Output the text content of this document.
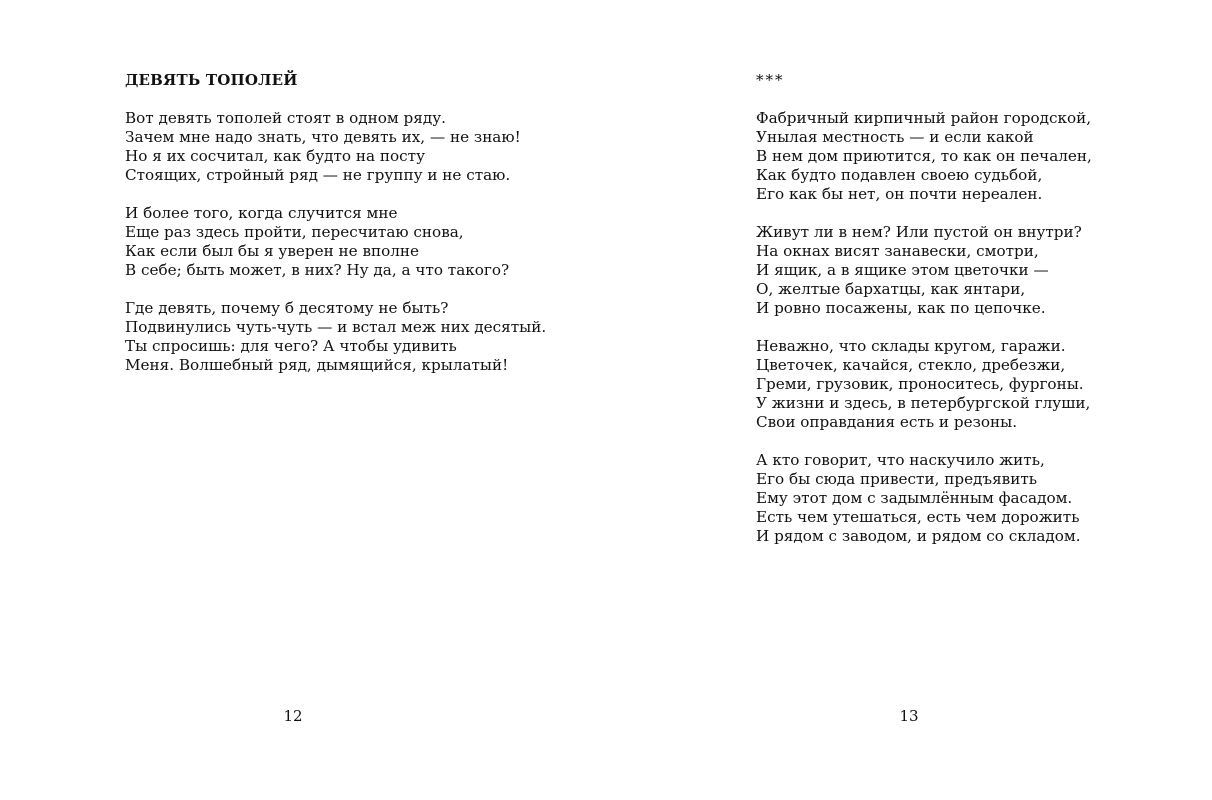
ДЕВЯТЬ ТОПОЛЕЙ

Вот девять тополей стоят в одном ряду.
Зачем мне надо знать, что девять их, — не знаю!
Но я их сосчитал, как будто на посту
Стоящих, стройный ряд — не группу и не стаю.

И более того, когда случится мне
Еще раз здесь пройти, пересчитаю снова,
Как если был бы я уверен не вполне
В себе; быть может, в них? Ну да, а что такого?

Где девять, почему б десятому не быть?
Подвинулись чуть-чуть — и встал меж них десятый.
Ты спросишь: для чего? А чтобы удивить
Меня. Волшебный ряд, дымящийся, крылатый!

12
***

Фабричный кирпичный район городской,
Унылая местность — и если какой
В нем дом приютится, то как он печален,
Как будто подавлен своею судьбой,
Его как бы нет, он почти нереален.

Живут ли в нем? Или пустой он внутри?
На окнах висят занавески, смотри,
И ящик, а в ящике этом цветочки —
О, желтые бархатцы, как янтари,
И ровно посажены, как по цепочке.

Неважно, что склады кругом, гаражи.
Цветочек, качайся, стекло, дребезжи,
Греми, грузовик, проноситесь, фургоны.
У жизни и здесь, в петербургской глуши,
Свои оправдания есть и резоны.

А кто говорит, что наскучило жить,
Его бы сюда привести, предъявить
Ему этот дом с задымлённым фасадом.
Есть чем утешаться, есть чем дорожить
И рядом с заводом, и рядом со складом.

13
